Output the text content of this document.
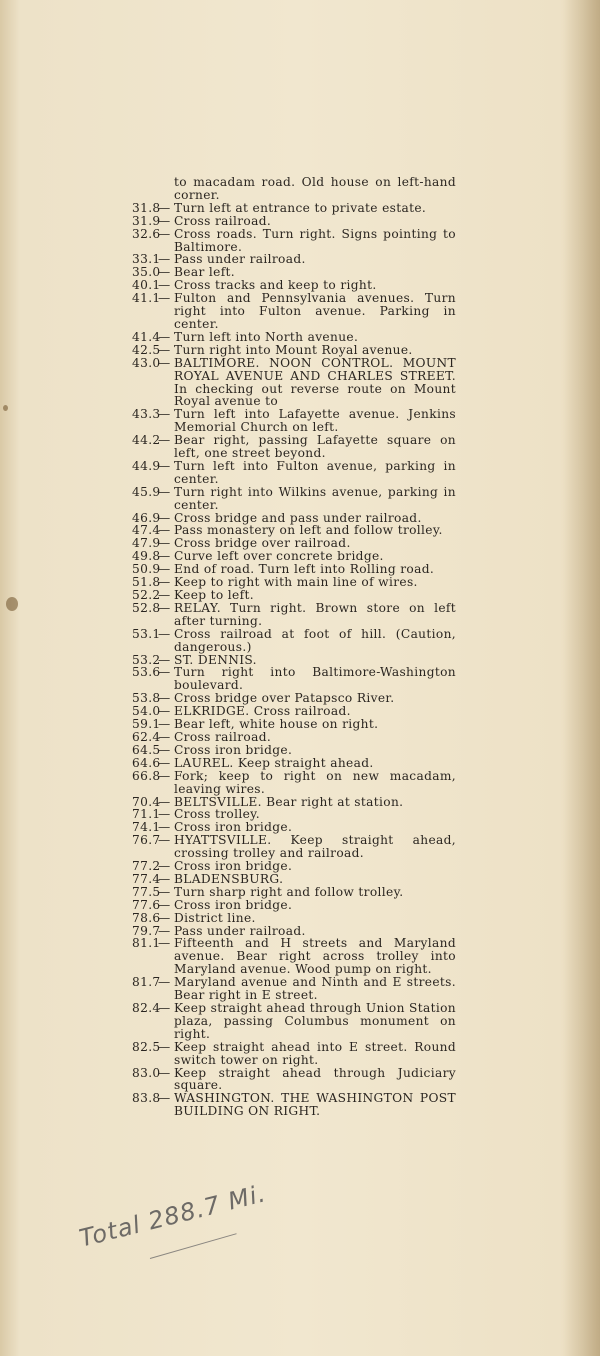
to macadam road. Old house on left-hand corner.

31.8
— Turn left at entrance to private estate.

31.9
— Cross railroad.

32.6
— Cross roads. Turn right. Signs pointing to Baltimore.

33.1
— Pass under railroad.

35.0
— Bear left.

40.1
— Cross tracks and keep to right.

41.1
— Fulton and Pennsylvania avenues. Turn right into Fulton avenue. Parking in center.

41.4
— Turn left into North avenue.

42.5
— Turn right into Mount Royal avenue.

43.0
— BALTIMORE. NOON CONTROL. MOUNT ROYAL AVENUE AND CHARLES STREET. In checking out reverse route on Mount Royal avenue to

43.3
— Turn left into Lafayette avenue. Jenkins Memorial Church on left.

44.2
— Bear right, passing Lafayette square on left, one street beyond.

44.9
— Turn left into Fulton avenue, parking in center.

45.9
— Turn right into Wilkins avenue, parking in center.

46.9
— Cross bridge and pass under railroad.

47.4
— Pass monastery on left and follow trolley.

47.9
— Cross bridge over railroad.

49.8
— Curve left over concrete bridge.

50.9
— End of road. Turn left into Rolling road.

51.8
— Keep to right with main line of wires.

52.2
— Keep to left.

52.8
— RELAY. Turn right. Brown store on left after turning.

53.1
— Cross railroad at foot of hill. (Caution, dangerous.)

53.2
— ST. DENNIS.

53.6
— Turn right into Baltimore-Washington boulevard.

53.8
— Cross bridge over Patapsco River.

54.0
— ELKRIDGE. Cross railroad.

59.1
— Bear left, white house on right.

62.4
— Cross railroad.

64.5
— Cross iron bridge.

64.6
— LAUREL. Keep straight ahead.

66.8
— Fork; keep to right on new macadam, leaving wires.

70.4
— BELTSVILLE. Bear right at station.

71.1
— Cross trolley.

74.1
— Cross iron bridge.

76.7
— HYATTSVILLE. Keep straight ahead, crossing trolley and railroad.

77.2
— Cross iron bridge.

77.4
— BLADENSBURG.

77.5
— Turn sharp right and follow trolley.

77.6
— Cross iron bridge.

78.6
— District line.

79.7
— Pass under railroad.

81.1
— Fifteenth and H streets and Maryland avenue. Bear right across trolley into Maryland avenue. Wood pump on right.

81.7
— Maryland avenue and Ninth and E streets. Bear right in E street.

82.4
— Keep straight ahead through Union Station plaza, passing Columbus monument on right.

82.5
— Keep straight ahead into E street. Round switch tower on right.

83.0
— Keep straight ahead through Judiciary square.

83.8
— WASHINGTON. THE WASHINGTON POST BUILDING ON RIGHT.

Total 288.7 Mi.
